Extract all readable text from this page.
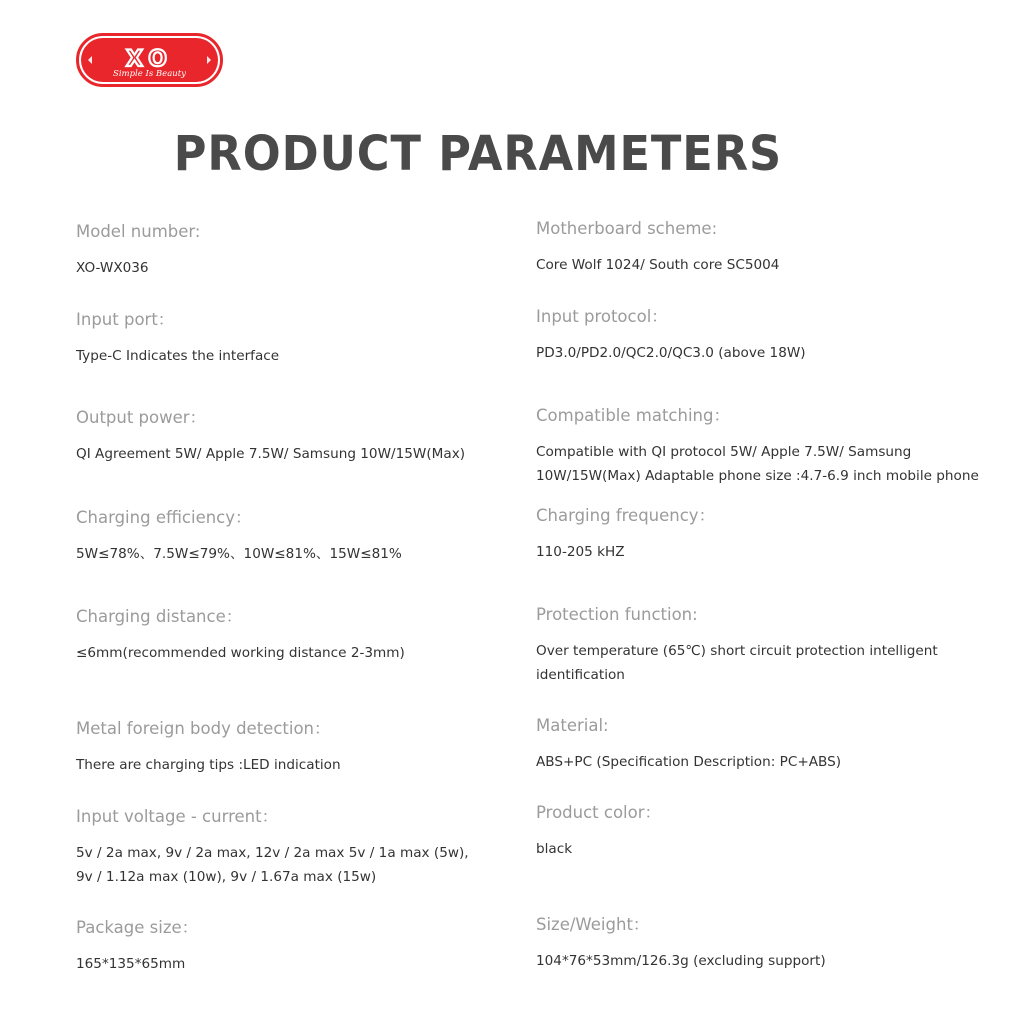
XO
Simple Is Beauty
PRODUCT PARAMETERS
Model number:
XO-WX036
Input port：
Type-C Indicates the interface
Output power：
QI Agreement 5W/ Apple 7.5W/ Samsung 10W/15W(Max)
Charging efficiency：
5W≤78%、7.5W≤79%、10W≤81%、15W≤81%
Charging distance：
≤6mm(recommended working distance 2-3mm)
Metal foreign body detection：
There are charging tips :LED indication
Input voltage - current：
5v / 2a max, 9v / 2a max, 12v / 2a max 5v / 1a max (5w),
9v / 1.12a max (10w), 9v / 1.67a max (15w)
Package size：
165*135*65mm
Motherboard scheme:
Core Wolf 1024/ South core SC5004
Input protocol：
PD3.0/PD2.0/QC2.0/QC3.0 (above 18W)
Compatible matching：
Compatible with QI protocol 5W/ Apple 7.5W/ Samsung
10W/15W(Max) Adaptable phone size :4.7-6.9 inch mobile phone
Charging frequency：
110-205 kHZ
Protection function:
Over temperature (65℃) short circuit protection intelligent
identification
Material:
ABS+PC (Specification Description: PC+ABS)
Product color：
black
Size/Weight：
104*76*53mm/126.3g (excluding support)
